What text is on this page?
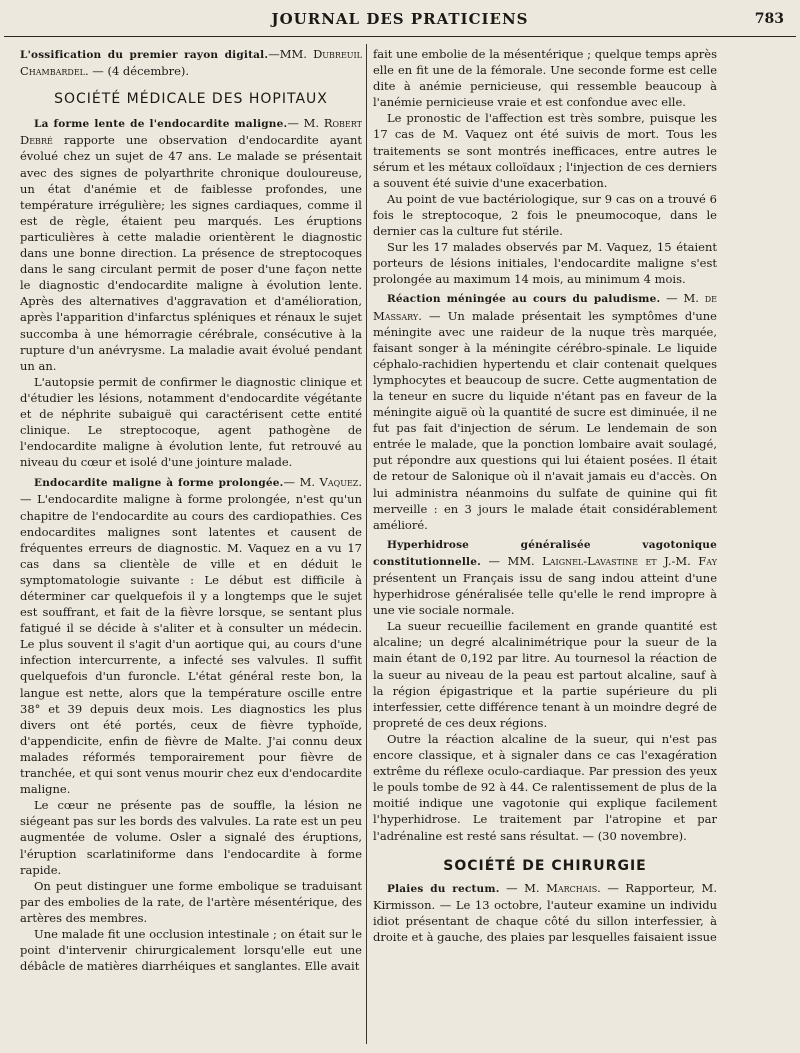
JOURNAL DES PRATICIENS	783

L'ossification du premier rayon digital.—MM. Dubreuil Chambardel. — (4 décembre).

SOCIÉTÉ MÉDICALE DES HOPITAUX

La forme lente de l'endocardite maligne.— M. Robert Debré rapporte une observation d'endocardite ayant évolué chez un sujet de 47 ans. Le malade se présentait avec des signes de polyarthrite chronique douloureuse, un état d'anémie et de faiblesse profondes, une température irrégulière; les signes cardiaques, comme il est de règle, étaient peu marqués. Les éruptions particulières à cette maladie orientèrent le diagnostic dans une bonne direction. La présence de streptocoques dans le sang circulant permit de poser d'une façon nette le diagnostic d'endocardite maligne à évolution lente. Après des alternatives d'aggravation et d'amélioration, après l'apparition d'infarctus spléniques et rénaux le sujet succomba à une hémorragie cérébrale, consécutive à la rupture d'un anévrysme. La maladie avait évolué pendant un an.

L'autopsie permit de confirmer le diagnostic clinique et d'étudier les lésions, notamment d'endocardite végétante et de néphrite subaiguë qui caractérisent cette entité clinique. Le streptocoque, agent pathogène de l'endocardite maligne à évolution lente, fut retrouvé au niveau du cœur et isolé d'une jointure malade.

Endocardite maligne à forme prolongée.— M. Vaquez. — L'endocardite maligne à forme prolongée, n'est qu'un chapitre de l'endocardite au cours des cardiopathies. Ces endocardites malignes sont latentes et causent de fréquentes erreurs de diagnostic. M. Vaquez en a vu 17 cas dans sa clientèle de ville et en déduit le symptomatologie suivante : Le début est difficile à déterminer car quelquefois il y a longtemps que le sujet est souffrant, et fait de la fièvre lorsque, se sentant plus fatigué il se décide à s'aliter et à consulter un médecin. Le plus souvent il s'agit d'un aortique qui, au cours d'une infection intercurrente, a infecté ses valvules. Il suffit quelquefois d'un furoncle. L'état général reste bon, la langue est nette, alors que la température oscille entre 38° et 39 depuis deux mois. Les diagnostics les plus divers ont été portés, ceux de fièvre typhoïde, d'appendicite, enfin de fièvre de Malte. J'ai connu deux malades réformés temporairement pour fièvre de tranchée, et qui sont venus mourir chez eux d'endocardite maligne.

Le cœur ne présente pas de souffle, la lésion ne siégeant pas sur les bords des valvules. La rate est un peu augmentée de volume. Osler a signalé des éruptions, l'éruption scarlatiniforme dans l'endocardite à forme rapide.

On peut distinguer une forme embolique se traduisant par des embolies de la rate, de l'artère mésentérique, des artères des membres.

Une malade fit une occlusion intestinale ; on était sur le point d'intervenir chirurgicalement lorsqu'elle eut une débâcle de matières diarrhéiques et sanglantes. Elle avait

fait une embolie de la mésentérique ; quelque temps après elle en fit une de la fémorale. Une seconde forme est celle dite à anémie pernicieuse, qui ressemble beaucoup à l'anémie pernicieuse vraie et est confondue avec elle.

Le pronostic de l'affection est très sombre, puisque les 17 cas de M. Vaquez ont été suivis de mort. Tous les traitements se sont montrés inefficaces, entre autres le sérum et les métaux colloïdaux ; l'injection de ces derniers a souvent été suivie d'une exacerbation.

Au point de vue bactériologique, sur 9 cas on a trouvé 6 fois le streptocoque, 2 fois le pneumocoque, dans le dernier cas la culture fut stérile.

Sur les 17 malades observés par M. Vaquez, 15 étaient porteurs de lésions initiales, l'endocardite maligne s'est prolongée au maximum 14 mois, au minimum 4 mois.

Réaction méningée au cours du paludisme. — M. de Massary. — Un malade présentait les symptômes d'une méningite avec une raideur de la nuque très marquée, faisant songer à la méningite cérébro-spinale. Le liquide céphalo-rachidien hypertendu et clair contenait quelques lymphocytes et beaucoup de sucre. Cette augmentation de la teneur en sucre du liquide n'étant pas en faveur de la méningite aiguë où la quantité de sucre est diminuée, il ne fut pas fait d'injection de sérum. Le lendemain de son entrée le malade, que la ponction lombaire avait soulagé, put répondre aux questions qui lui étaient posées. Il était de retour de Salonique où il n'avait jamais eu d'accès. On lui administra néanmoins du sulfate de quinine qui fit merveille : en 3 jours le malade était considérablement amélioré.

Hyperhidrose généralisée vagotonique constitutionnelle. — MM. Laignel-Lavastine et J.-M. Fay présentent un Français issu de sang indou atteint d'une hyperhidrose généralisée telle qu'elle le rend impropre à une vie sociale normale.

La sueur recueillie facilement en grande quantité est alcaline; un degré alcalinimétrique pour la sueur de la main étant de 0,192 par litre. Au tournesol la réaction de la sueur au niveau de la peau est partout alcaline, sauf à la région épigastrique et la partie supérieure du pli interfessier, cette différence tenant à un moindre degré de propreté de ces deux régions.

Outre la réaction alcaline de la sueur, qui n'est pas encore classique, et à signaler dans ce cas l'exagération extrême du réflexe oculo-cardiaque. Par pression des yeux le pouls tombe de 92 à 44. Ce ralentissement de plus de la moitié indique une vagotonie qui explique facilement l'hyperhidrose. Le traitement par l'atropine et par l'adrénaline est resté sans résultat. — (30 novembre).

SOCIÉTÉ DE CHIRURGIE

Plaies du rectum. — M. Marchais. — Rapporteur, M. Kirmisson. — Le 13 octobre, l'auteur examine un individu idiot présentant de chaque côté du sillon interfessier, à droite et à gauche, des plaies par lesquelles faisaient issue
